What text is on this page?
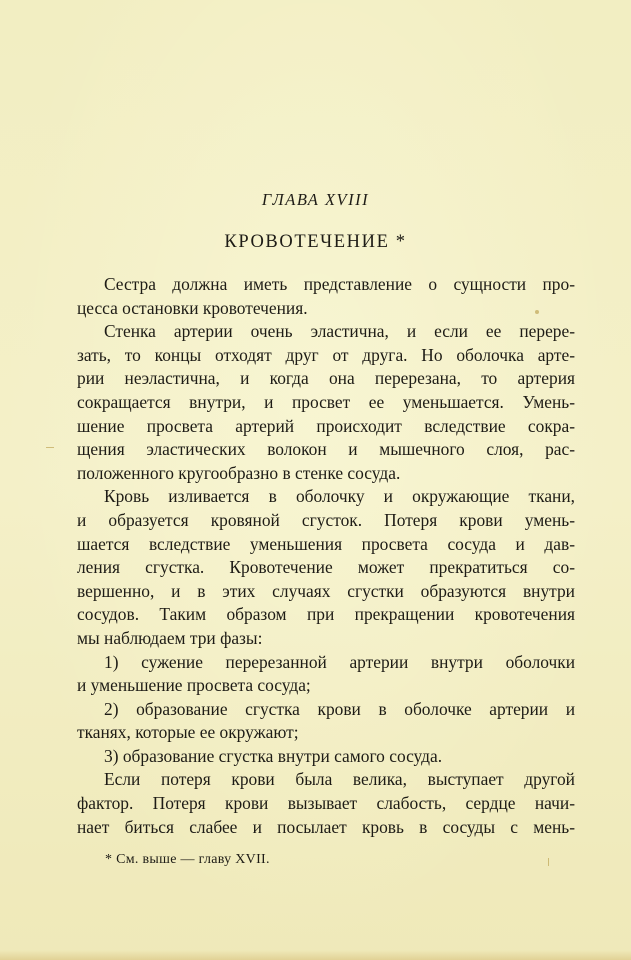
ГЛАВА XVIII
КРОВОТЕЧЕНИЕ *
Сестра должна иметь представление о сущности про-
цесса остановки кровотечения.
Стенка артерии очень эластична, и если ее перере-
зать, то концы отходят друг от друга. Но оболочка арте-
рии неэластична, и когда она перерезана, то артерия
сокращается внутри, и просвет ее уменьшается. Умень-
шение просвета артерий происходит вследствие сокра-
щения эластических волокон и мышечного слоя, рас-
положенного кругообразно в стенке сосуда.
Кровь изливается в оболочку и окружающие ткани,
и образуется кровяной сгусток. Потеря крови умень-
шается вследствие уменьшения просвета сосуда и дав-
ления сгустка. Кровотечение может прекратиться со-
вершенно, и в этих случаях сгустки образуются внутри
сосудов. Таким образом при прекращении кровотечения
мы наблюдаем три фазы:
1) сужение перерезанной артерии внутри оболочки
и уменьшение просвета сосуда;
2) образование сгустка крови в оболочке артерии и
тканях, которые ее окружают;
3) образование сгустка внутри самого сосуда.
Если потеря крови была велика, выступает другой
фактор. Потеря крови вызывает слабость, сердце начи-
нает биться слабее и посылает кровь в сосуды с мень-
* См. выше — главу XVII.
